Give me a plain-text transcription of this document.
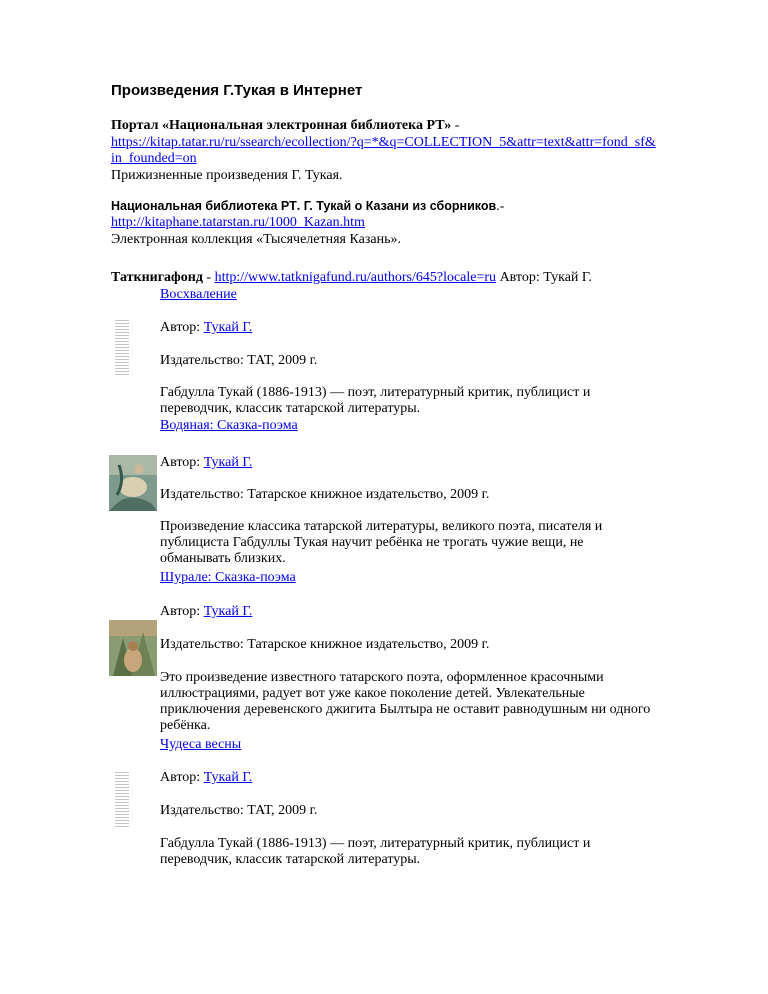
Произведения Г.Тукая в Интернет
Портал «Национальная электронная библиотека РТ» -
https://kitap.tatar.ru/ru/ssearch/ecollection/?q=*&q=COLLECTION_5&attr=text&attr=fond_sf&
in_founded=on
Прижизненные произведения Г. Тукая.
Национальная библиотека РТ. Г. Тукай о Казани из сборников.-
http://kitaphane.tatarstan.ru/1000_Kazan.htm
Электронная коллекция «Тысячелетняя Казань».
Таткнигафонд - http://www.tatknigafund.ru/authors/645?locale=ru Автор: Тукай Г.
Восхваление
Автор: Тукай Г.
Издательство: ТАТ, 2009 г.
Габдулла Тукай (1886-1913) — поэт, литературный критик, публицист и
переводчик, классик татарской литературы.
Водяная: Сказка-поэма
Автор: Тукай Г.
Издательство: Татарское книжное издательство, 2009 г.
Произведение классика татарской литературы, великого поэта, писателя и
публициста Габдуллы Тукая научит ребёнка не трогать чужие вещи, не
обманывать близких.
Шурале: Сказка-поэма
Автор: Тукай Г.
Издательство: Татарское книжное издательство, 2009 г.
Это произведение известного татарского поэта, оформленное красочными
иллюстрациями, радует вот уже какое поколение детей. Увлекательные
приключения деревенского джигита Былтыра не оставит равнодушным ни одного
ребёнка.
Чудеса весны
Автор: Тукай Г.
Издательство: ТАТ, 2009 г.
Габдулла Тукай (1886-1913) — поэт, литературный критик, публицист и
переводчик, классик татарской литературы.
